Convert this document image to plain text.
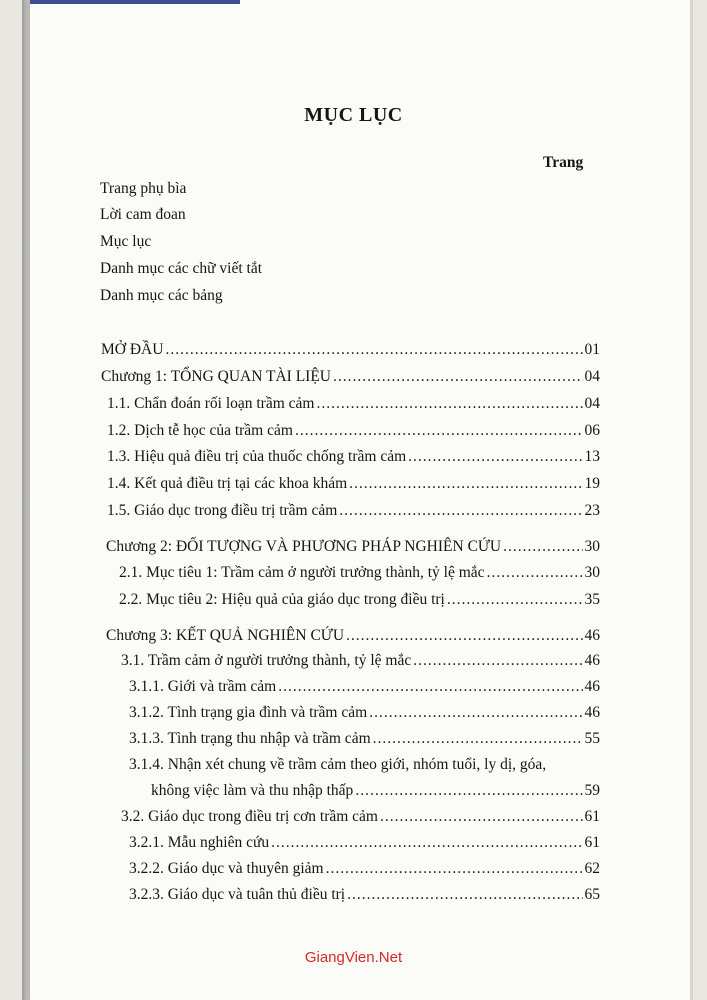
MỤC LỤC
Trang
Trang phụ bìa
Lời cam đoan
Mục lục
Danh mục các chữ viết tắt
Danh mục các bảng
MỞ ĐẦU .....	01
Chương 1: TỔNG QUAN TÀI LIỆU .....	04
1.1. Chẩn đoán rối loạn trầm cảm .....	04
1.2. Dịch tễ học của trầm cảm .....	06
1.3. Hiệu quả điều trị của thuốc chống trầm cảm .....	13
1.4. Kết quả điều trị tại các khoa khám .....	19
1.5. Giáo dục trong điều trị trầm cảm .....	23
Chương 2: ĐỐI TƯỢNG VÀ PHƯƠNG PHÁP NGHIÊN CỨU .....	30
2.1. Mục tiêu 1: Trầm cảm ở người trưởng thành, tỷ lệ mắc .....	30
2.2. Mục tiêu 2: Hiệu quả của giáo dục trong điều trị .....	35
Chương 3: KẾT QUẢ NGHIÊN CỨU .....	46
3.1. Trầm cảm ở người trưởng thành, tỷ lệ mắc .....	46
3.1.1. Giới và trầm cảm .....	46
3.1.2. Tình trạng gia đình và trầm cảm .....	46
3.1.3. Tình trạng thu nhập và trầm cảm .....	55
3.1.4. Nhận xét chung về trầm cảm theo giới, nhóm tuổi, ly dị, góa,
không việc làm và thu nhập thấp .....	59
3.2. Giáo dục trong điều trị cơn trầm cảm .....	61
3.2.1. Mẫu nghiên cứu .....	61
3.2.2. Giáo dục và thuyên giảm .....	62
3.2.3. Giáo dục và tuân thủ điều trị .....	65
GiangVien.Net
